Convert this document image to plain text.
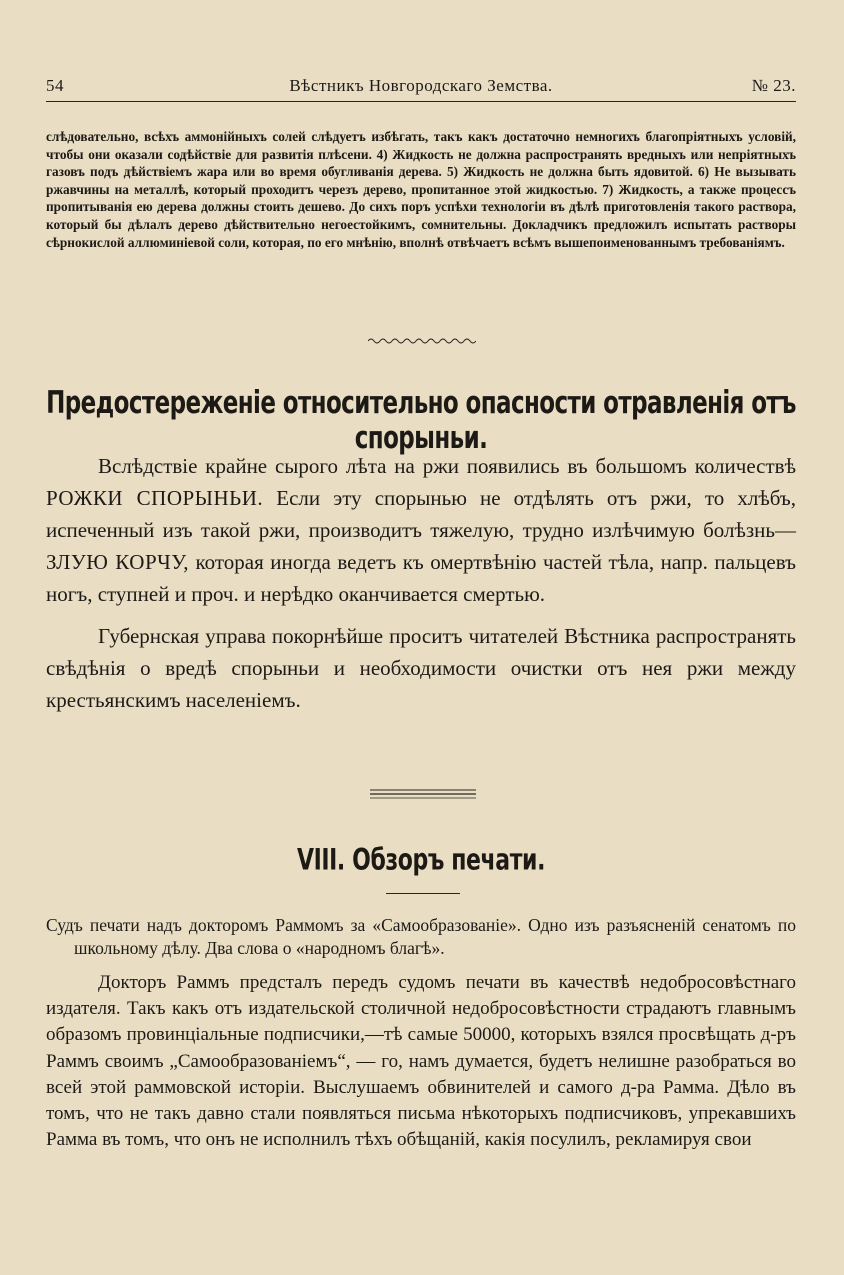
54	Вѣстникъ Новгородскаго Земства.	№ 23.

слѣдовательно, всѣхъ аммонійныхъ солей слѣдуетъ избѣгать, такъ какъ достаточно немногихъ благопріятныхъ условій, чтобы они оказали содѣйствіе для развитія плѣсени. 4) Жидкость не должна распространять вредныхъ или непріятныхъ газовъ подъ дѣйствіемъ жара или во время обугливанія дерева. 5) Жидкость не должна быть ядовитой. 6) Не вызывать ржавчины на металлѣ, который проходитъ черезъ дерево, пропитанное этой жидкостью. 7) Жидкость, а также процессъ пропитыванія ею дерева должны стоить дешево. До сихъ поръ успѣхи технологіи въ дѣлѣ приготовленія такого раствора, который бы дѣлалъ дерево дѣйствительно негоестойкимъ, сомнительны. Докладчикъ предложилъ испытать растворы сѣрнокислой аллюминіевой соли, которая, по его мнѣнію, вполнѣ отвѣчаетъ всѣмъ вышепоименованнымъ требованіямъ.

Предостереженіе относительно опасности отравленія отъ спорыньи.

Вслѣдствіе крайне сырого лѣта на ржи появились въ большомъ количествѣ РОЖКИ СПОРЫНЬИ. Если эту спорынью не отдѣлять отъ ржи, то хлѣбъ, испеченный изъ такой ржи, производитъ тяжелую, трудно излѣчимую болѣзнь—ЗЛУЮ КОРЧУ, которая иногда ведетъ къ омертвѣнію частей тѣла, напр. пальцевъ ногъ, ступней и проч. и нерѣдко оканчивается смертью.

Губернская управа покорнѣйше проситъ читателей Вѣстника распространять свѣдѣнія о вредѣ спорыньи и необходимости очистки отъ нея ржи между крестьянскимъ населеніемъ.

VIII. Обзоръ печати.

Судъ печати надъ докторомъ Раммомъ за «Самообразованіе». Одно изъ разъясненій сенатомъ по школьному дѣлу. Два слова о «народномъ благѣ».

Докторъ Раммъ предсталъ передъ судомъ печати въ качествѣ недобросовѣстнаго издателя. Такъ какъ отъ издательской столичной недобросовѣстности страдаютъ главнымъ образомъ провинціальные подписчики,—тѣ самые 50000, которыхъ взялся просвѣщать д-ръ Раммъ своимъ „Самообразованіемъ“, — го, намъ думается, будетъ нелишне разобраться во всей этой раммовской исторіи. Выслушаемъ обвинителей и самого д-ра Рамма. Дѣло въ томъ, что не такъ давно стали появляться письма нѣкоторыхъ подписчиковъ, упрекавшихъ Рамма въ томъ, что онъ не исполнилъ тѣхъ обѣщаній, какія посулилъ, рекламируя свои
